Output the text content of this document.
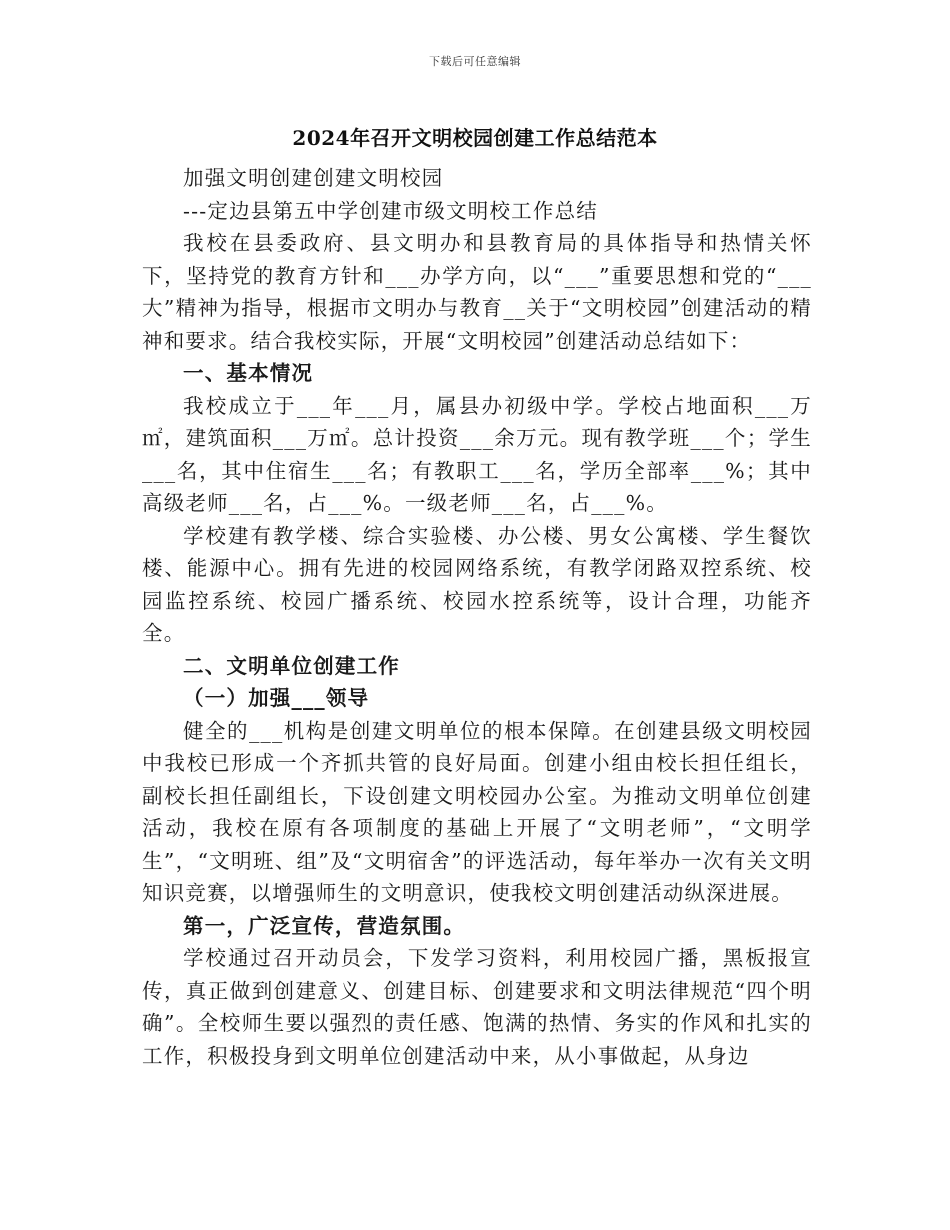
下载后可任意编辑
2024年召开文明校园创建工作总结范本

加强文明创建创建文明校园

---定边县第五中学创建市级文明校工作总结

我校在县委政府、县文明办和县教育局的具体指导和热情关怀下，坚持党的教育方针和___办学方向，以“___”重要思想和党的“___大”精神为指导，根据市文明办与教育__关于“文明校园”创建活动的精神和要求。结合我校实际，开展“文明校园”创建活动总结如下：

一、基本情况

我校成立于___年___月，属县办初级中学。学校占地面积___万㎡，建筑面积___万㎡。总计投资___余万元。现有教学班___个；学生___名，其中住宿生___名；有教职工___名，学历全部率___%；其中高级老师___名，占___%。一级老师___名，占___%。

学校建有教学楼、综合实验楼、办公楼、男女公寓楼、学生餐饮楼、能源中心。拥有先进的校园网络系统，有教学闭路双控系统、校园监控系统、校园广播系统、校园水控系统等，设计合理，功能齐全。

二、文明单位创建工作

（一）加强___领导

健全的___机构是创建文明单位的根本保障。在创建县级文明校园中我校已形成一个齐抓共管的良好局面。创建小组由校长担任组长，副校长担任副组长，下设创建文明校园办公室。为推动文明单位创建活动，我校在原有各项制度的基础上开展了“文明老师”，“文明学生”，“文明班、组”及“文明宿舍”的评选活动，每年举办一次有关文明知识竞赛，以增强师生的文明意识，使我校文明创建活动纵深进展。

第一，广泛宣传，营造氛围。

学校通过召开动员会，下发学习资料，利用校园广播，黑板报宣传，真正做到创建意义、创建目标、创建要求和文明法律规范“四个明确”。全校师生要以强烈的责任感、饱满的热情、务实的作风和扎实的工作，积极投身到文明单位创建活动中来，从小事做起，从身边
